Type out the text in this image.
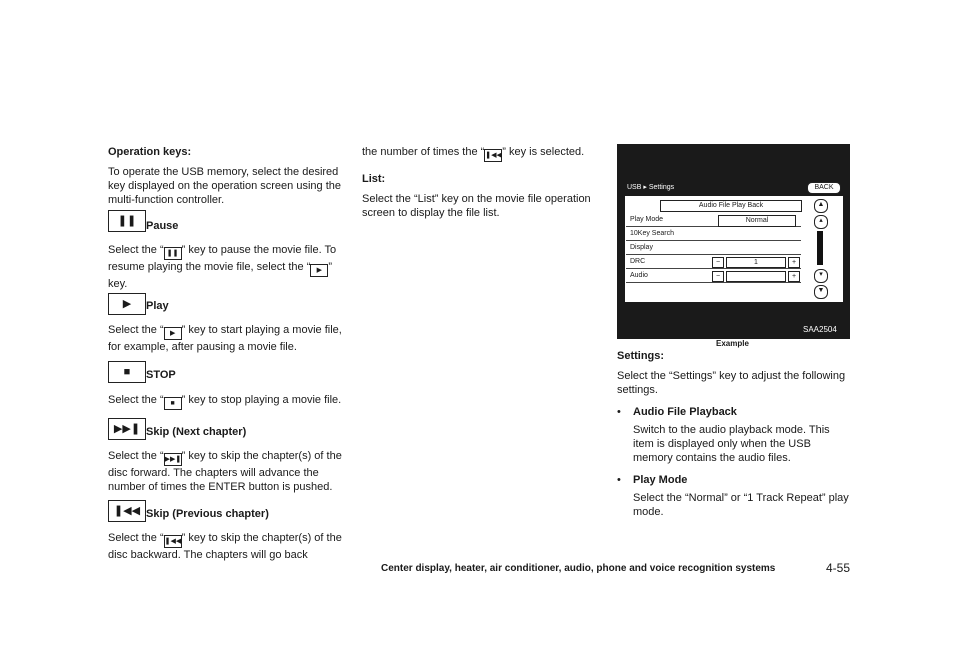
Operation keys:

To operate the USB memory, select the desired key displayed on the operation screen using the multi-function controller.

❚❚ Pause

Select the “ ❚❚ ” key to pause the movie file. To resume playing the movie file, select the “ ▶ ” key.

▶	Play

Select the “ ▶ ” key to start playing a movie file, for example, after pausing a movie file.

■	STOP

Select the “ ■ ” key to stop playing a movie file.

▶▶❚ Skip (Next chapter)

Select the “▶▶❚” key to skip the chapter(s) of the disc forward. The chapters will advance the number of times the ENTER button is pushed.

❚◀◀ Skip (Previous chapter)

Select the “❚◀◀” key to skip the chapter(s) of the disc backward. The chapters will go back

the number of times the “❚◀◀” key is selected.

List:

Select the “List” key on the movie file operation screen to display the file list.

USB ▸ Settings	BACK
Audio File Play Back
Play Mode	Normal
10Key Search
Display
DRC	−	1	+
Audio	−	+
▲
▴
▾
▼
1/7
SAA2504
Example

Settings:

Select the “Settings” key to adjust the following settings.

• Audio File Playback

Switch to the audio playback mode. This item is displayed only when the USB memory contains the audio files.

• Play Mode

Select the “Normal” or “1 Track Repeat” play mode.

Center display, heater, air conditioner, audio, phone and voice recognition systems	4-55
